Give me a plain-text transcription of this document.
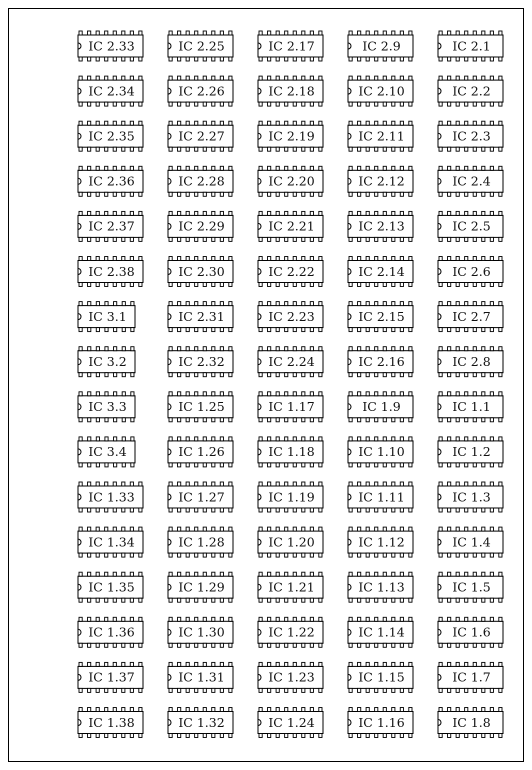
IC 2.33
IC 2.34
IC 2.35
IC 2.36
IC 2.37
IC 2.38
IC 3.1
IC 3.2
IC 3.3
IC 3.4
IC 1.33
IC 1.34
IC 1.35
IC 1.36
IC 1.37
IC 1.38
IC 2.25
IC 2.26
IC 2.27
IC 2.28
IC 2.29
IC 2.30
IC 2.31
IC 2.32
IC 1.25
IC 1.26
IC 1.27
IC 1.28
IC 1.29
IC 1.30
IC 1.31
IC 1.32
IC 2.17
IC 2.18
IC 2.19
IC 2.20
IC 2.21
IC 2.22
IC 2.23
IC 2.24
IC 1.17
IC 1.18
IC 1.19
IC 1.20
IC 1.21
IC 1.22
IC 1.23
IC 1.24
IC 2.9
IC 2.10
IC 2.11
IC 2.12
IC 2.13
IC 2.14
IC 2.15
IC 2.16
IC 1.9
IC 1.10
IC 1.11
IC 1.12
IC 1.13
IC 1.14
IC 1.15
IC 1.16
IC 2.1
IC 2.2
IC 2.3
IC 2.4
IC 2.5
IC 2.6
IC 2.7
IC 2.8
IC 1.1
IC 1.2
IC 1.3
IC 1.4
IC 1.5
IC 1.6
IC 1.7
IC 1.8
